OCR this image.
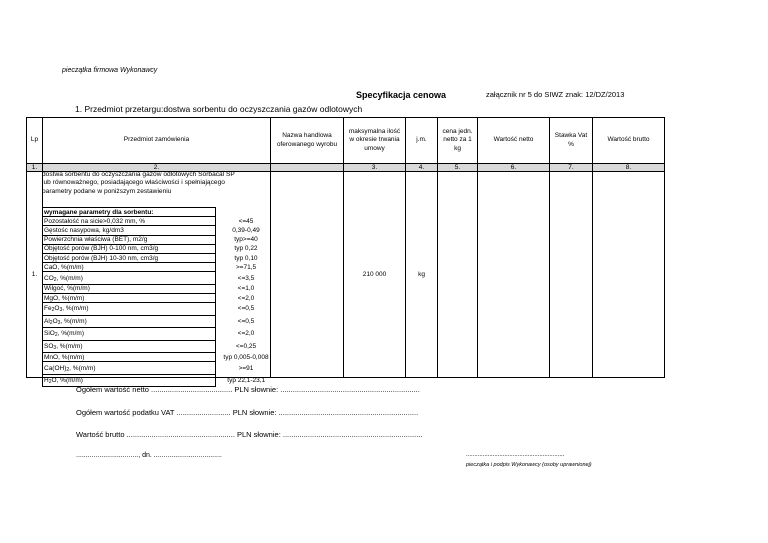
pieczątka firmowa Wykonawcy
Specyfikacja cenowa	załącznik nr 5 do SIWZ znak: 12/DZ/2013
1. Przedmiot przetargu:dostwa sorbentu do oczyszczania gazów odlotowych
Lp	Przedmiot zamówienia	Nazwa handlowa oferowanego wyrobu	maksymalna ilość w okresie trwania umowy	j.m.	cena jedn. netto za 1 kg	Wartość netto	Stawka Vat %	Wartość brutto
1.	2.		3.	4.	5.	6.	7.	8.
1.			210 000	kg				
dostwa sorbentu do oczyszczania gazów odlotowych Sorbacal SP lub równoważnego, posiadającego właściwości i spełniającego parametry podane w poniższym zestawieniu
wymagane parametry dla sorbentu:	
Pozostałość na sicie>0,032 mm, %	<=45
Gęstośc nasypowa, kg/dm3	0,39-0,49
Powierzchnia właściwa (BET), m2/g	typ>=40
Objętość porów (BJH) 0-100 nm, cm3/g	typ 0,22
Objętość porów (BJH) 10-30 nm, cm3/g	typ 0,10
CaO, %(m/m)	>=71,5
$CO_2$, %(m/m)	<=3,5
Wilgoć, %(m/m)	<=1,0
MgO, %(m/m)	<=2,0
$Fe_2O_3$, %(m/m)	<=0,5
$Al_2O_3$, %(m/m)	<=0,5
SiO$_2$, %(m/m)	<=2,0
$SO_3$, %(m/m)	<=0,25
MnO, %(m/m)	typ 0,005-0,008
$Ca(OH)_2$, %(m/m)	>=91
$H_2O$, %(m/m)	typ 22,1-23,1
Ogółem wartość netto ....................................... PLN słownie: ...................................................................
Ogółem wartość podatku VAT .......................... PLN słownie: ...................................................................
Wartość brutto .................................................... PLN słownie: ...................................................................
................................, dn. ...................................	...........................................................
pieczątka i podpis Wykonawcy (osoby uprawnionej)
